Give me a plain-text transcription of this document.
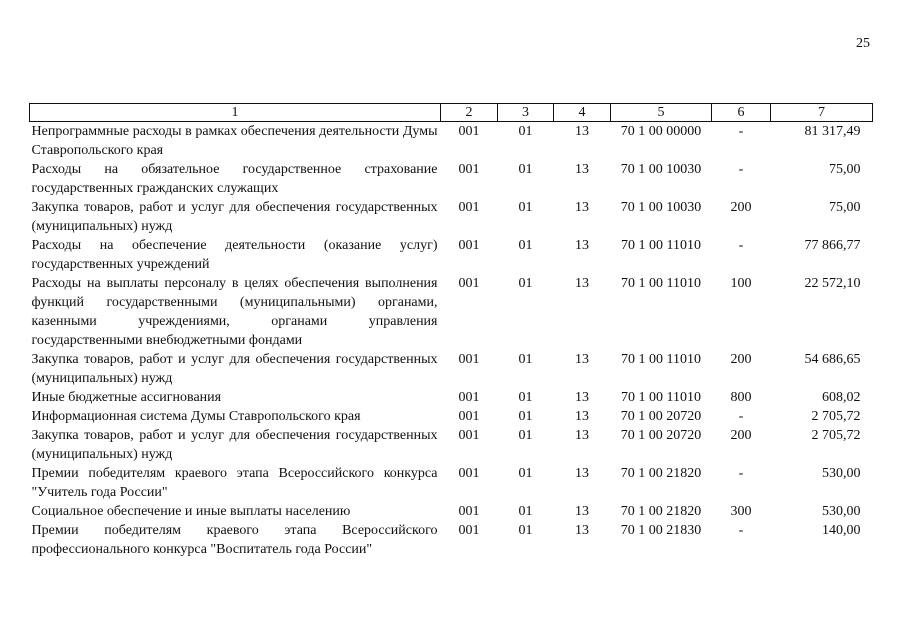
25
1	2	3	4	5	6	7
Непрограммные расходы в рамках обеспечения деятельности Думы Ставропольского края	001	01	13	70 1 00 00000	-	81 317,49
Расходы на обязательное государственное страхование государственных гражданских служащих	001	01	13	70 1 00 10030	-	75,00
Закупка товаров, работ и услуг для обеспечения государственных (муниципальных) нужд	001	01	13	70 1 00 10030	200	75,00
Расходы на обеспечение деятельности (оказание услуг) государственных учреждений	001	01	13	70 1 00 11010	-	77 866,77
Расходы на выплаты персоналу в целях обеспечения выполнения функций государственными (муниципальными) органами, казенными учреждениями, органами управления государственными внебюджетными фондами	001	01	13	70 1 00 11010	100	22 572,10
Закупка товаров, работ и услуг для обеспечения государственных (муниципальных) нужд	001	01	13	70 1 00 11010	200	54 686,65
Иные бюджетные ассигнования	001	01	13	70 1 00 11010	800	608,02
Информационная система Думы Ставропольского края	001	01	13	70 1 00 20720	-	2 705,72
Закупка товаров, работ и услуг для обеспечения государственных (муниципальных) нужд	001	01	13	70 1 00 20720	200	2 705,72
Премии победителям краевого этапа Всероссийского конкурса "Учитель года России"	001	01	13	70 1 00 21820	-	530,00
Социальное обеспечение и иные выплаты населению	001	01	13	70 1 00 21820	300	530,00
Премии победителям краевого этапа Всероссийского профессионального конкурса "Воспитатель года России"	001	01	13	70 1 00 21830	-	140,00
